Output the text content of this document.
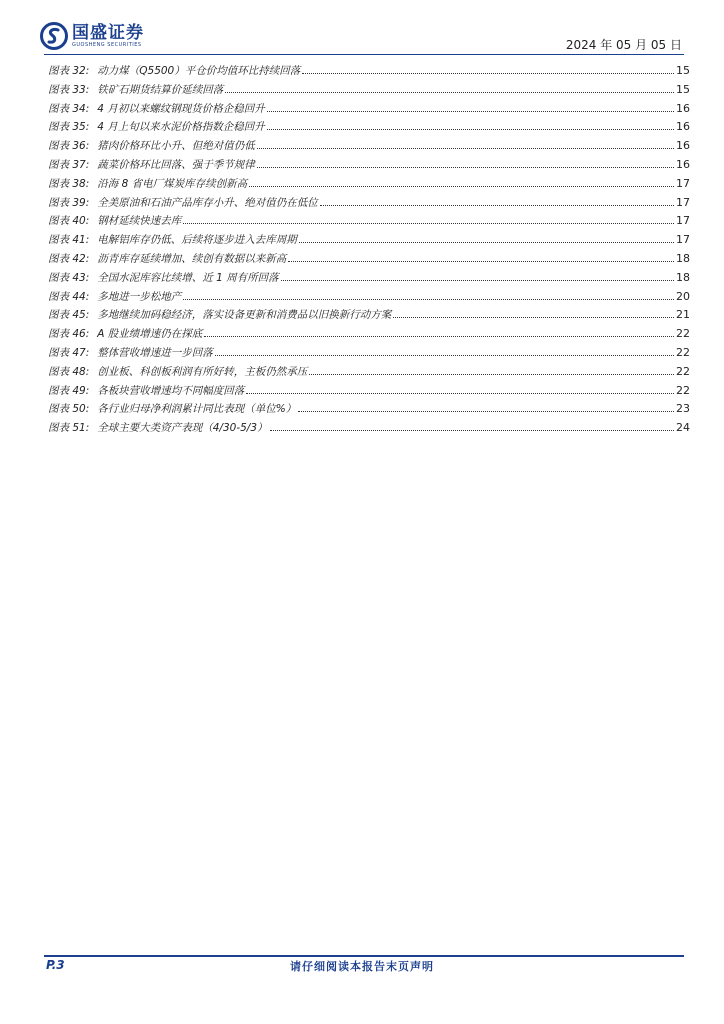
国盛证券
GUOSHENG SECURITIES	2024 年 05 月 05 日
图表 32: 动力煤（Q5500）平仓价均值环比持续回落	15
图表 33: 铁矿石期货结算价延续回落	15
图表 34: 4 月初以来螺纹钢现货价格企稳回升	16
图表 35: 4 月上旬以来水泥价格指数企稳回升	16
图表 36: 猪肉价格环比小升、但绝对值仍低	16
图表 37: 蔬菜价格环比回落、强于季节规律	16
图表 38: 沿海 8 省电厂煤炭库存续创新高	17
图表 39: 全美原油和石油产品库存小升、绝对值仍在低位	17
图表 40: 钢材延续快速去库	17
图表 41: 电解铝库存仍低、后续将逐步进入去库周期	17
图表 42: 沥青库存延续增加、续创有数据以来新高	18
图表 43: 全国水泥库容比续增、近 1 周有所回落	18
图表 44: 多地进一步松地产	20
图表 45: 多地继续加码稳经济，落实设备更新和消费品以旧换新行动方案	21
图表 46: A 股业绩增速仍在探底	22
图表 47: 整体营收增速进一步回落	22
图表 48: 创业板、科创板利润有所好转，主板仍然承压	22
图表 49: 各板块营收增速均不同幅度回落	22
图表 50: 各行业归母净利润累计同比表现（单位%）	23
图表 51: 全球主要大类资产表现（4/30-5/3）	24
P.3	请仔细阅读本报告末页声明
